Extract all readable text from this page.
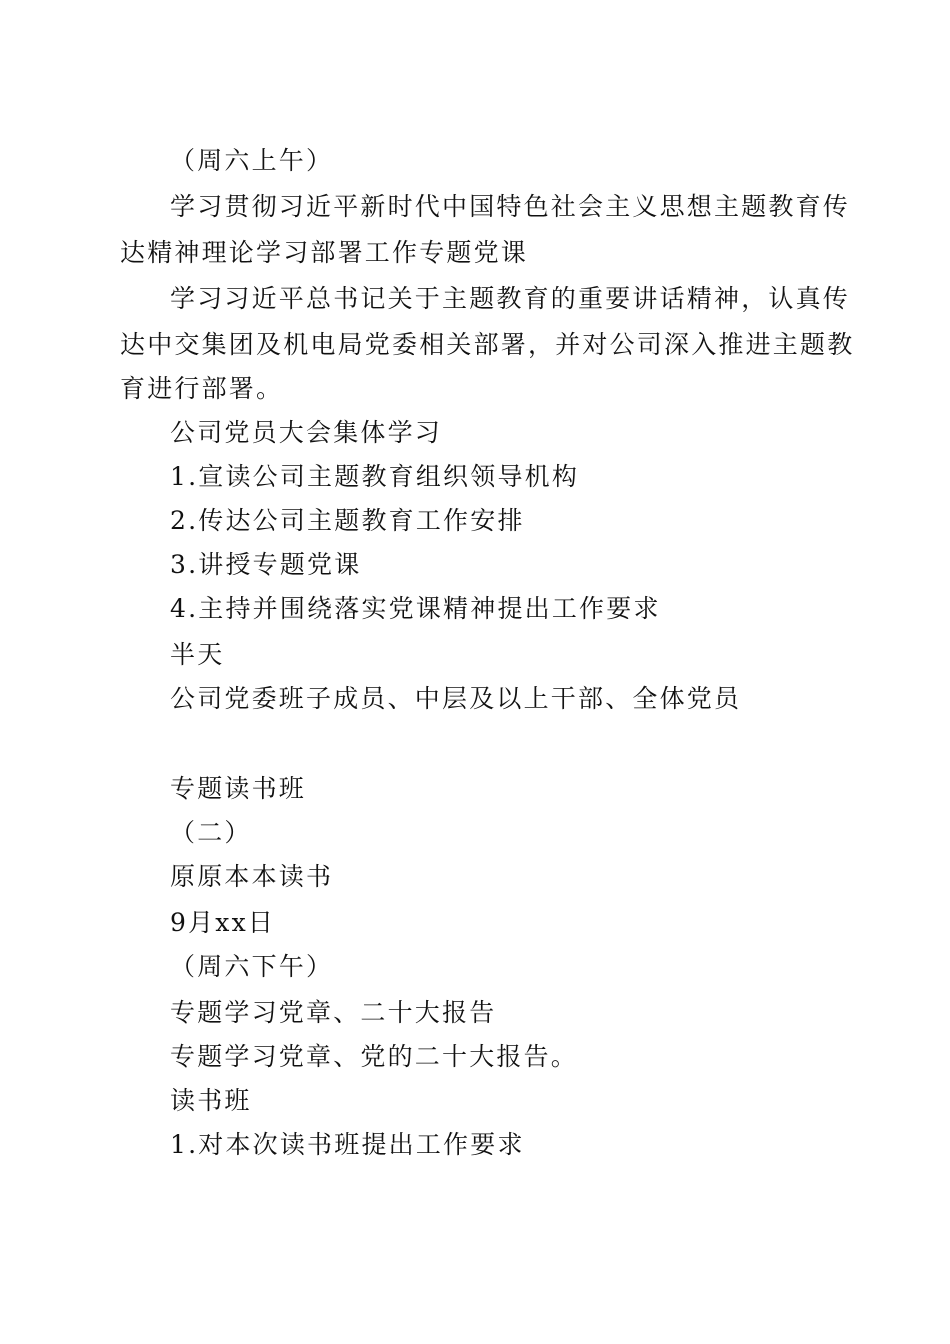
（周六上午）
学习贯彻习近平新时代中国特色社会主义思想主题教育传
达精神理论学习部署工作专题党课
学习习近平总书记关于主题教育的重要讲话精神，认真传
达中交集团及机电局党委相关部署，并对公司深入推进主题教
育进行部署。
公司党员大会集体学习
1.宣读公司主题教育组织领导机构
2.传达公司主题教育工作安排
3.讲授专题党课
4.主持并围绕落实党课精神提出工作要求
半天
公司党委班子成员、中层及以上干部、全体党员
专题读书班
（二）
原原本本读书
9月xx日
（周六下午）
专题学习党章、二十大报告
专题学习党章、党的二十大报告。
读书班
1.对本次读书班提出工作要求
